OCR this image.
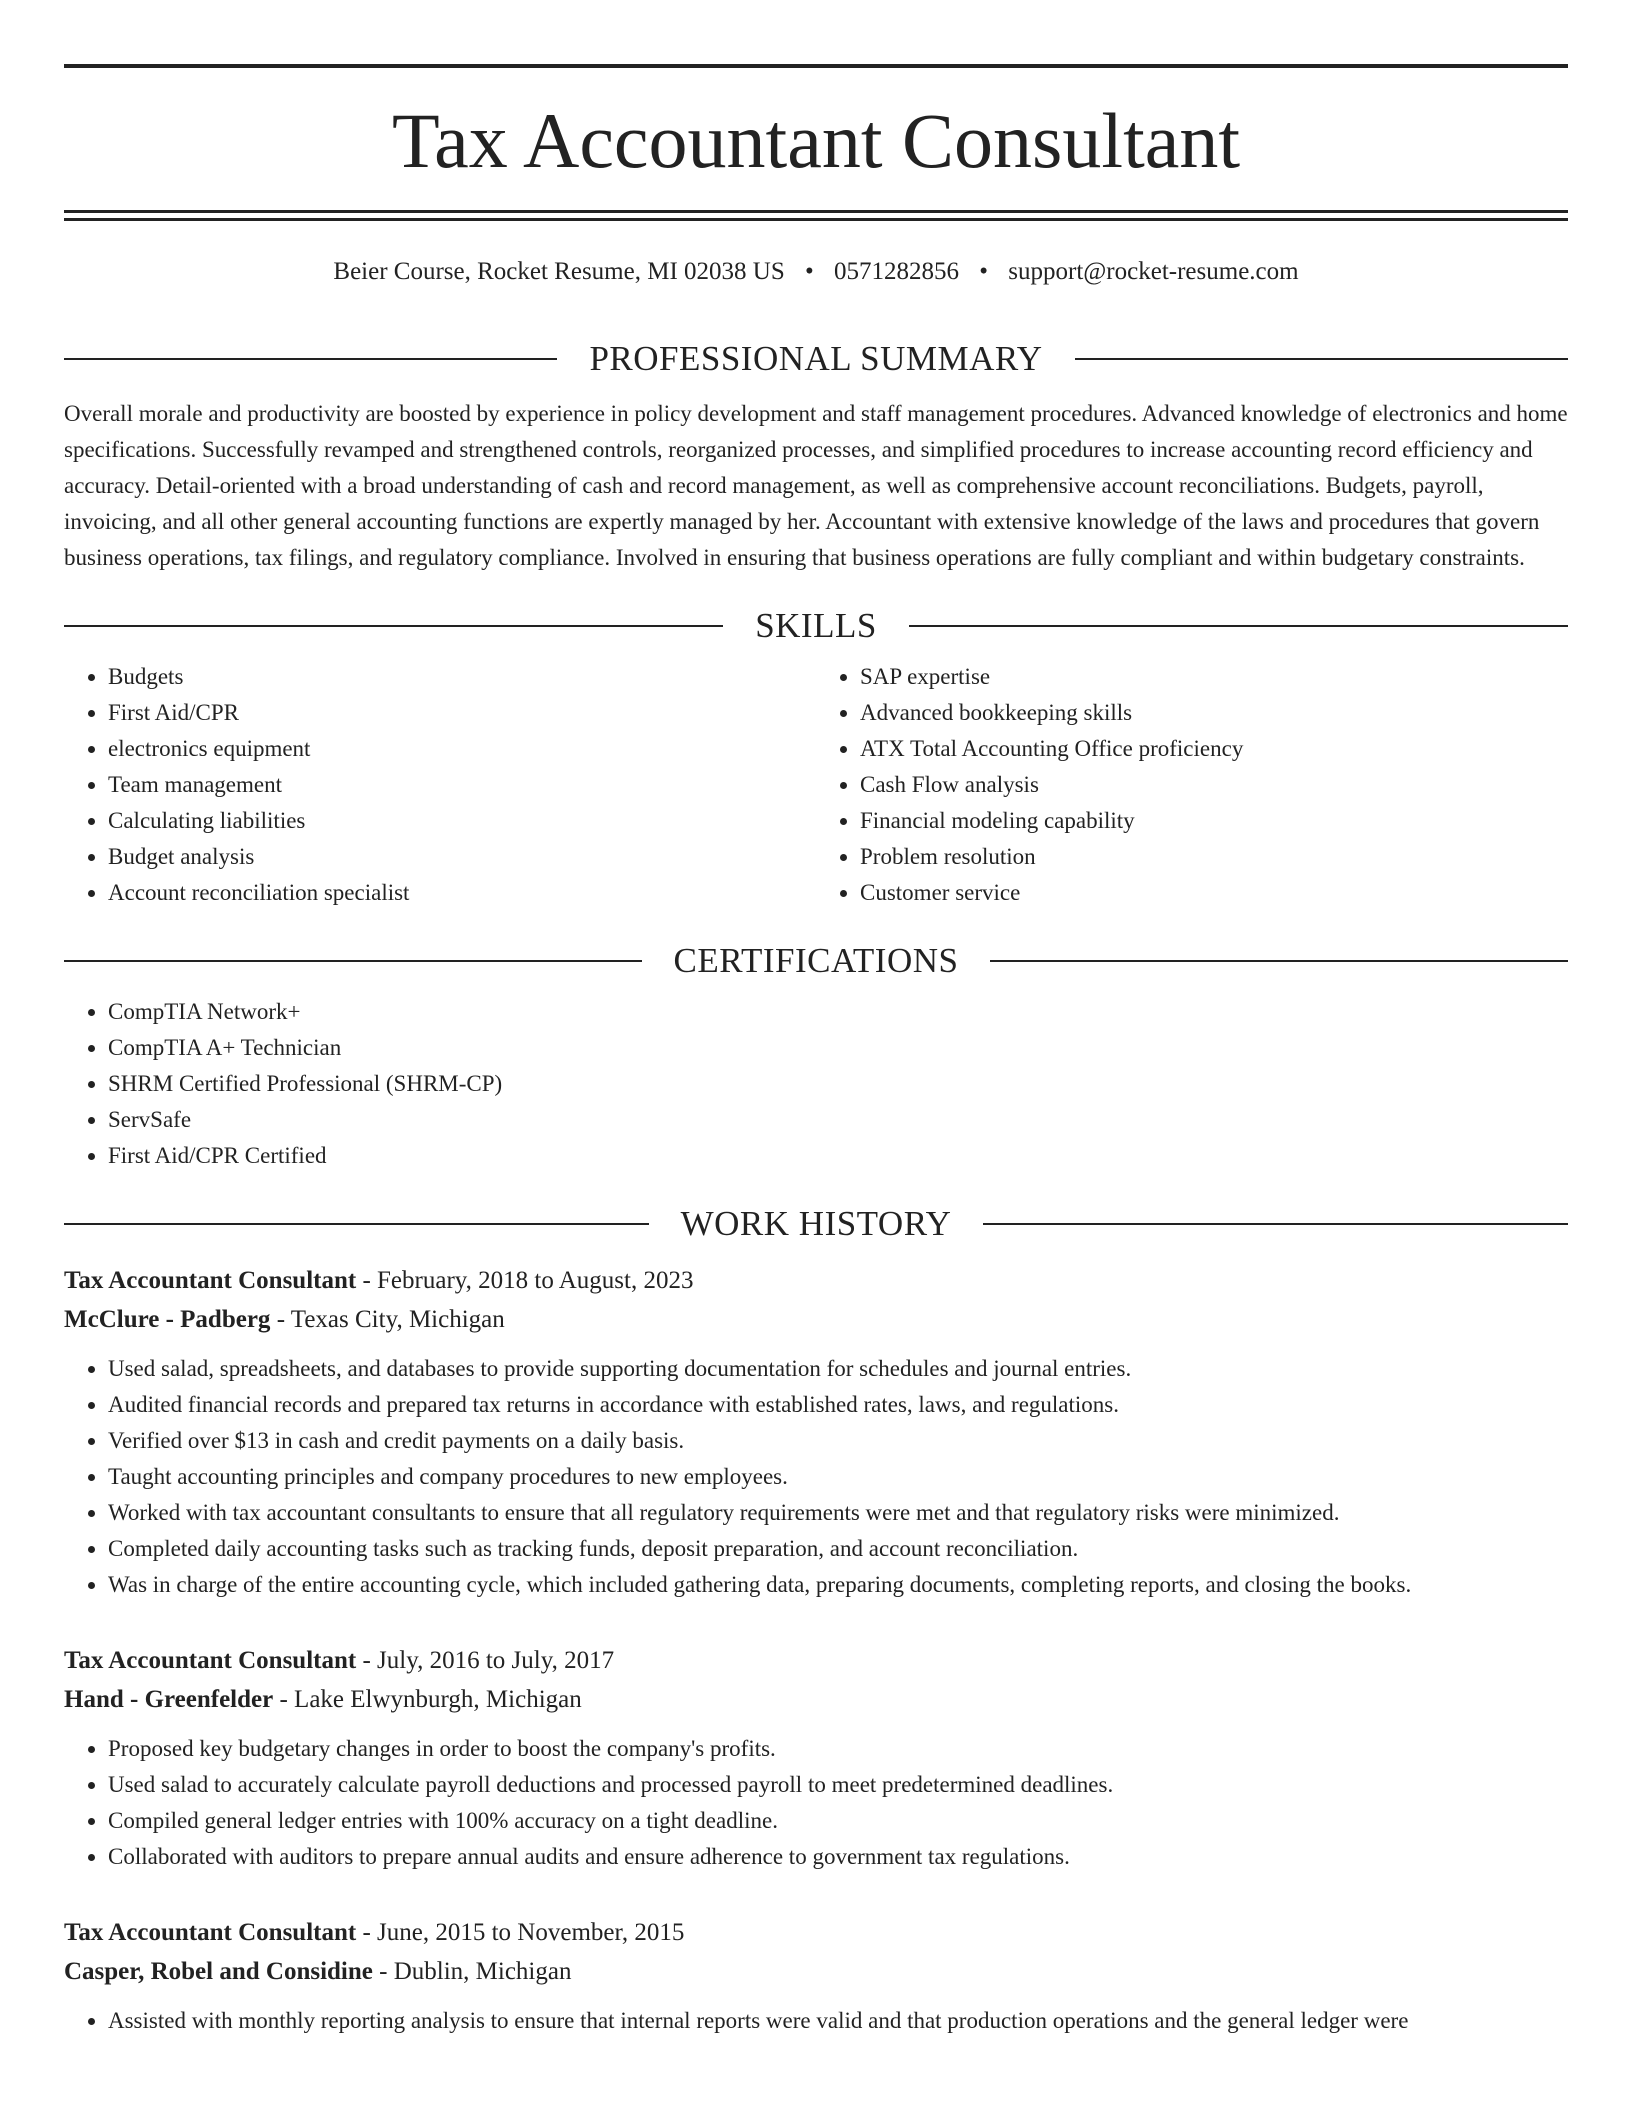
Tax Accountant Consultant
Beier Course, Rocket Resume, MI 02038 US • 0571282856 • support@rocket-resume.com
PROFESSIONAL SUMMARY
Overall morale and productivity are boosted by experience in policy development and staff management procedures. Advanced knowledge of electronics and home specifications. Successfully revamped and strengthened controls, reorganized processes, and simplified procedures to increase accounting record efficiency and accuracy. Detail-oriented with a broad understanding of cash and record management, as well as comprehensive account reconciliations. Budgets, payroll, invoicing, and all other general accounting functions are expertly managed by her. Accountant with extensive knowledge of the laws and procedures that govern business operations, tax filings, and regulatory compliance. Involved in ensuring that business operations are fully compliant and within budgetary constraints.
SKILLS
• Budgets
• First Aid/CPR
• electronics equipment
• Team management
• Calculating liabilities
• Budget analysis
• Account reconciliation specialist
• SAP expertise
• Advanced bookkeeping skills
• ATX Total Accounting Office proficiency
• Cash Flow analysis
• Financial modeling capability
• Problem resolution
• Customer service
CERTIFICATIONS
• CompTIA Network+
• CompTIA A+ Technician
• SHRM Certified Professional (SHRM-CP)
• ServSafe
• First Aid/CPR Certified
WORK HISTORY
Tax Accountant Consultant - February, 2018 to August, 2023
McClure - Padberg - Texas City, Michigan
• Used salad, spreadsheets, and databases to provide supporting documentation for schedules and journal entries.
• Audited financial records and prepared tax returns in accordance with established rates, laws, and regulations.
• Verified over $13 in cash and credit payments on a daily basis.
• Taught accounting principles and company procedures to new employees.
• Worked with tax accountant consultants to ensure that all regulatory requirements were met and that regulatory risks were minimized.
• Completed daily accounting tasks such as tracking funds, deposit preparation, and account reconciliation.
• Was in charge of the entire accounting cycle, which included gathering data, preparing documents, completing reports, and closing the books.
Tax Accountant Consultant - July, 2016 to July, 2017
Hand - Greenfelder - Lake Elwynburgh, Michigan
• Proposed key budgetary changes in order to boost the company's profits.
• Used salad to accurately calculate payroll deductions and processed payroll to meet predetermined deadlines.
• Compiled general ledger entries with 100% accuracy on a tight deadline.
• Collaborated with auditors to prepare annual audits and ensure adherence to government tax regulations.
Tax Accountant Consultant - June, 2015 to November, 2015
Casper, Robel and Considine - Dublin, Michigan
• Assisted with monthly reporting analysis to ensure that internal reports were valid and that production operations and the general ledger were
